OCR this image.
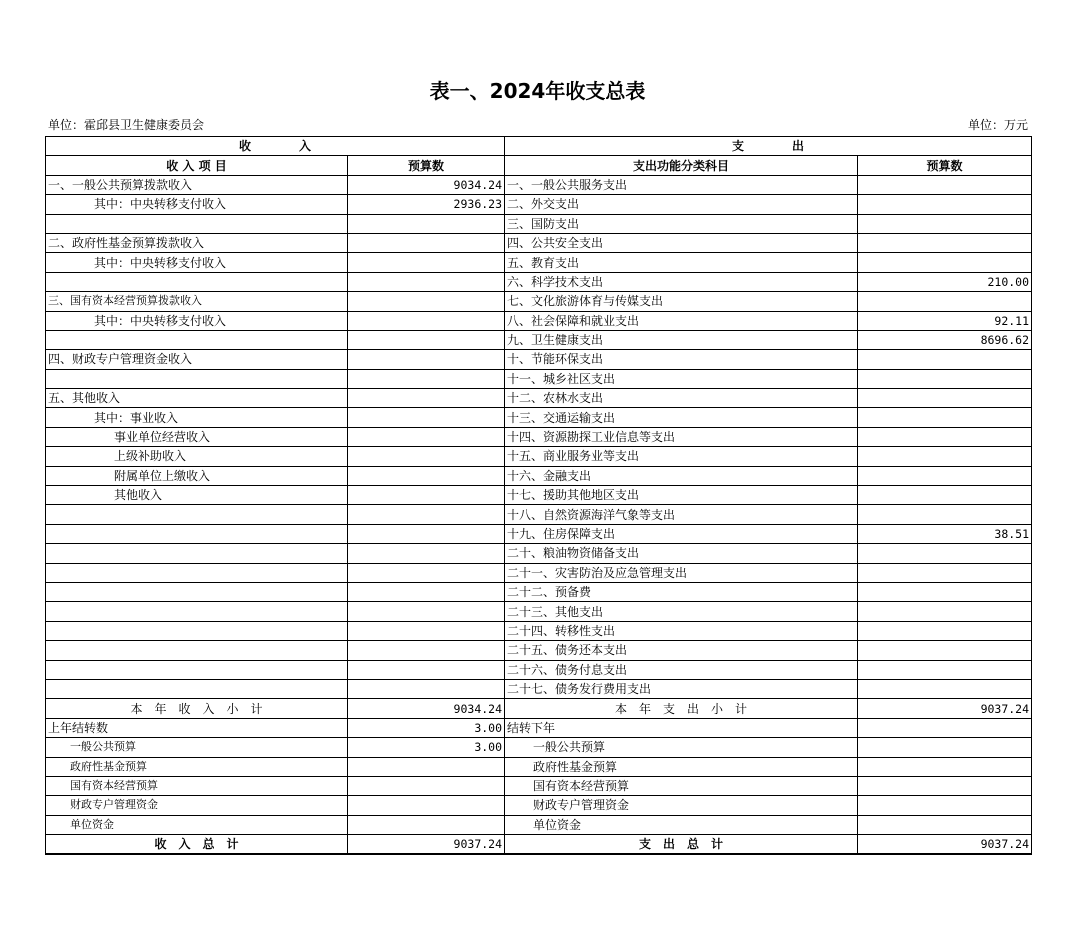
表一、2024年收支总表
单位：霍邱县卫生健康委员会	单位：万元
收　　　　入		支　　　　出	
收 入 项 目	预算数	支出功能分类科目	预算数
一、一般公共预算拨款收入	9034.24	一、一般公共服务支出	
其中：中央转移支付收入	2936.23	二、外交支出	
		三、国防支出	
二、政府性基金预算拨款收入		四、公共安全支出	
其中：中央转移支付收入		五、教育支出	
		六、科学技术支出	210.00
三、国有资本经营预算拨款收入		七、文化旅游体育与传媒支出	
其中：中央转移支付收入		八、社会保障和就业支出	92.11
		九、卫生健康支出	8696.62
四、财政专户管理资金收入		十、节能环保支出	
		十一、城乡社区支出	
五、其他收入		十二、农林水支出	
其中：事业收入		十三、交通运输支出	
事业单位经营收入		十四、资源勘探工业信息等支出	
上级补助收入		十五、商业服务业等支出	
附属单位上缴收入		十六、金融支出	
其他收入		十七、援助其他地区支出	
		十八、自然资源海洋气象等支出	
		十九、住房保障支出	38.51
		二十、粮油物资储备支出	
		二十一、灾害防治及应急管理支出	
		二十二、预备费	
		二十三、其他支出	
		二十四、转移性支出	
		二十五、债务还本支出	
		二十六、债务付息支出	
		二十七、债务发行费用支出	
本　年　收　入　小　计	9034.24	本　年　支　出　小　计	9037.24
上年结转数	3.00	结转下年	
一般公共预算	3.00	一般公共预算	
政府性基金预算		政府性基金预算	
国有资本经营预算		国有资本经营预算	
财政专户管理资金		财政专户管理资金	
单位资金		单位资金	
收　入　总　计	9037.24	支　出　总　计	9037.24
